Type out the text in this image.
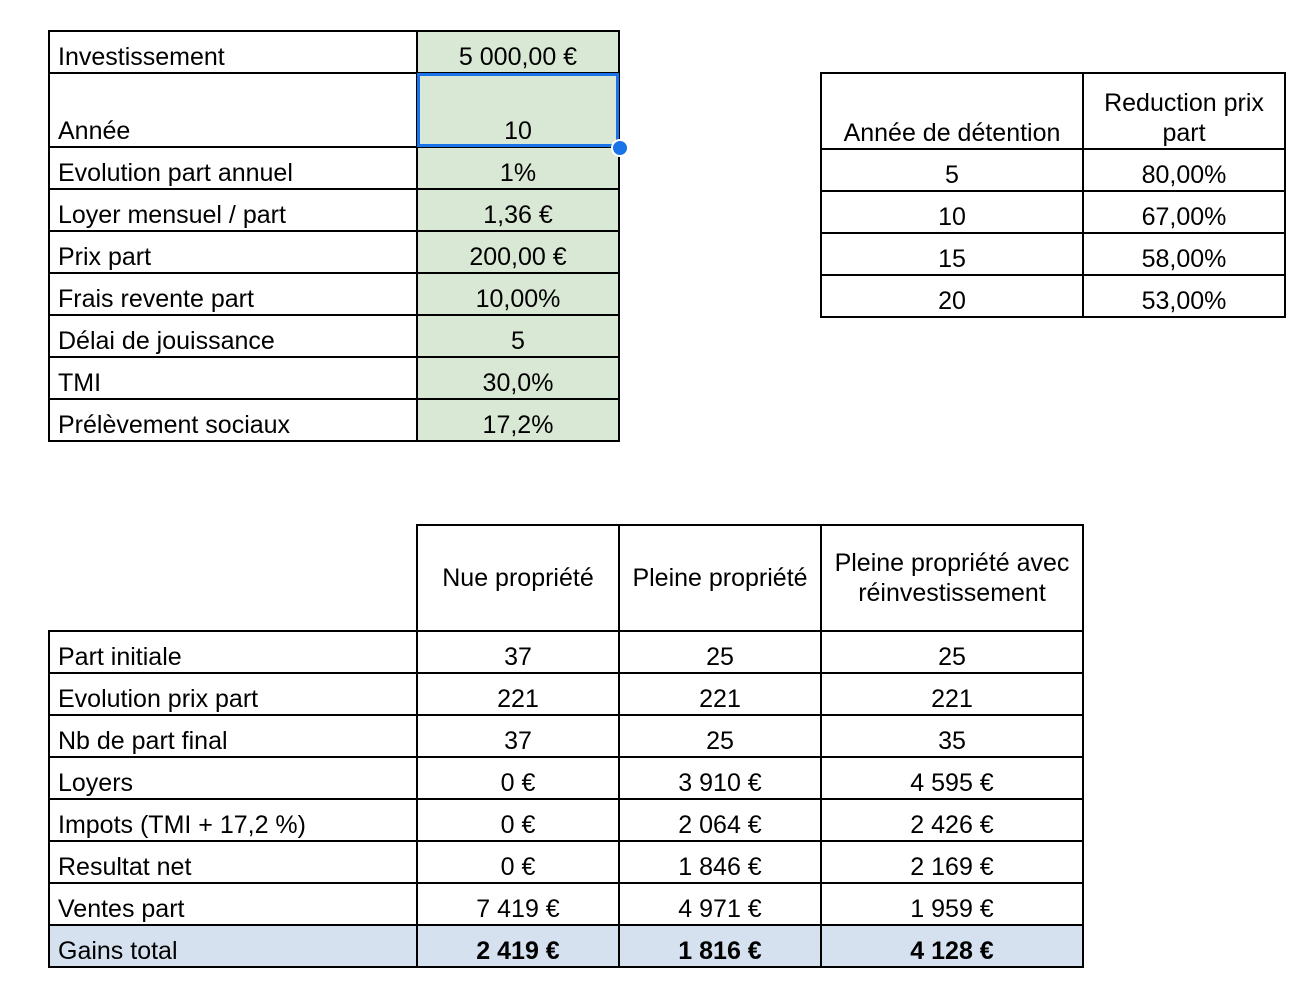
Investissement	5 000,00 €
Année	10
Evolution part annuel	1%
Loyer mensuel / part	1,36 €
Prix part	200,00 €
Frais revente part	10,00%
Délai de jouissance	5
TMI	30,0%
Prélèvement sociaux	17,2%
Année de détention	Reduction prix part
5	80,00%
10	67,00%
15	58,00%
20	53,00%
	Nue propriété	Pleine propriété	Pleine propriété avec réinvestissement
Part initiale	37	25	25
Evolution prix part	221	221	221
Nb de part final	37	25	35
Loyers	0 €	3 910 €	4 595 €
Impots (TMI + 17,2 %)	0 €	2 064 €	2 426 €
Resultat net	0 €	1 846 €	2 169 €
Ventes part	7 419 €	4 971 €	1 959 €
Gains total	2 419 €	1 816 €	4 128 €
